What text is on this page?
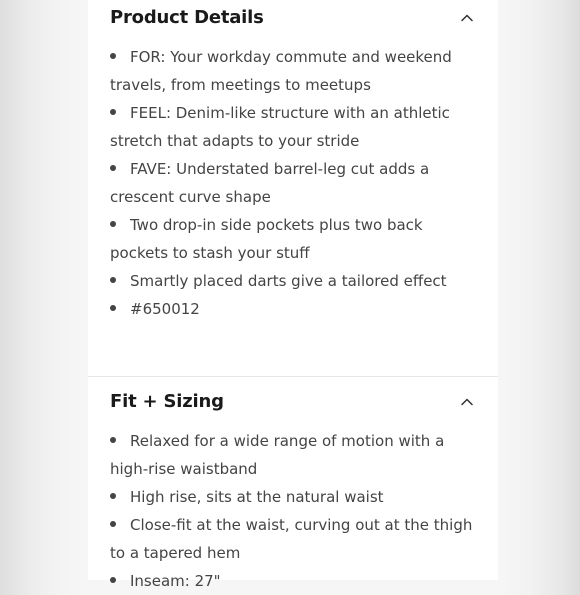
Product Details
FOR: Your workday commute and weekend travels, from meetings to meetups
FEEL: Denim-like structure with an athletic stretch that adapts to your stride
FAVE: Understated barrel-leg cut adds a crescent curve shape
Two drop-in side pockets plus two back pockets to stash your stuff
Smartly placed darts give a tailored effect
#650012
Fit + Sizing
Relaxed for a wide range of motion with a high-rise waistband
High rise, sits at the natural waist
Close-fit at the waist, curving out at the thigh to a tapered hem
Inseam: 27"
